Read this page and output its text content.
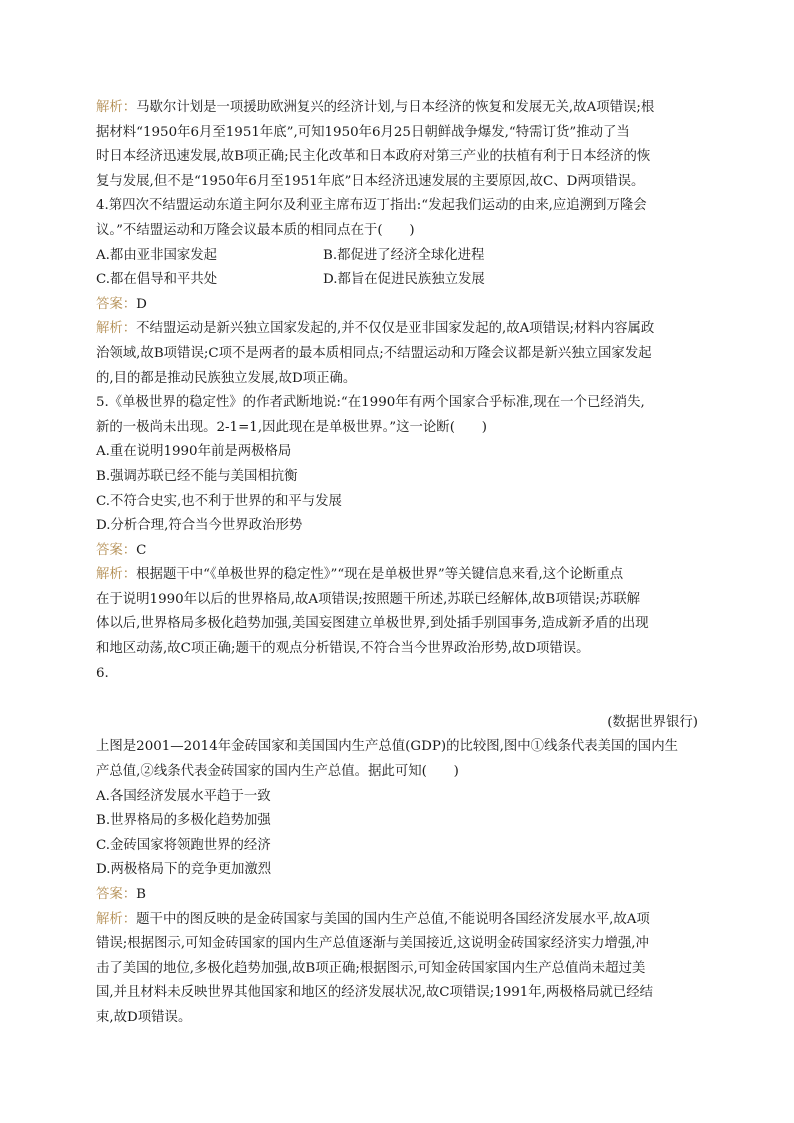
解析：马歇尔计划是一项援助欧洲复兴的经济计划,与日本经济的恢复和发展无关,故A项错误;根
据材料“1950年6月至1951年底”,可知1950年6月25日朝鲜战争爆发,“特需订货”推动了当
时日本经济迅速发展,故B项正确;民主化改革和日本政府对第三产业的扶植有利于日本经济的恢
复与发展,但不是“1950年6月至1951年底”日本经济迅速发展的主要原因,故C、D两项错误。
4.第四次不结盟运动东道主阿尔及利亚主席布迈丁指出:“发起我们运动的由来,应追溯到万隆会
议。”不结盟运动和万隆会议最本质的相同点在于(　　)
A.都由亚非国家发起	B.都促进了经济全球化进程
C.都在倡导和平共处	D.都旨在促进民族独立发展
答案：D
解析：不结盟运动是新兴独立国家发起的,并不仅仅是亚非国家发起的,故A项错误;材料内容属政
治领域,故B项错误;C项不是两者的最本质相同点;不结盟运动和万隆会议都是新兴独立国家发起
的,目的都是推动民族独立发展,故D项正确。
5.《单极世界的稳定性》的作者武断地说:“在1990年有两个国家合乎标准,现在一个已经消失,
新的一极尚未出现。2-1=1,因此现在是单极世界。”这一论断(　　)
A.重在说明1990年前是两极格局
B.强调苏联已经不能与美国相抗衡
C.不符合史实,也不利于世界的和平与发展
D.分析合理,符合当今世界政治形势
答案：C
解析：根据题干中“《单极世界的稳定性》”“现在是单极世界”等关键信息来看,这个论断重点
在于说明1990年以后的世界格局,故A项错误;按照题干所述,苏联已经解体,故B项错误;苏联解
体以后,世界格局多极化趋势加强,美国妄图建立单极世界,到处插手别国事务,造成新矛盾的出现
和地区动荡,故C项正确;题干的观点分析错误,不符合当今世界政治形势,故D项错误。
6.
(数据世界银行)
上图是2001—2014年金砖国家和美国国内生产总值(GDP)的比较图,图中①线条代表美国的国内生
产总值,②线条代表金砖国家的国内生产总值。据此可知(　　)
A.各国经济发展水平趋于一致
B.世界格局的多极化趋势加强
C.金砖国家将领跑世界的经济
D.两极格局下的竞争更加激烈
答案：B
解析：题干中的图反映的是金砖国家与美国的国内生产总值,不能说明各国经济发展水平,故A项
错误;根据图示,可知金砖国家的国内生产总值逐渐与美国接近,这说明金砖国家经济实力增强,冲
击了美国的地位,多极化趋势加强,故B项正确;根据图示,可知金砖国家国内生产总值尚未超过美
国,并且材料未反映世界其他国家和地区的经济发展状况,故C项错误;1991年,两极格局就已经结
束,故D项错误。
